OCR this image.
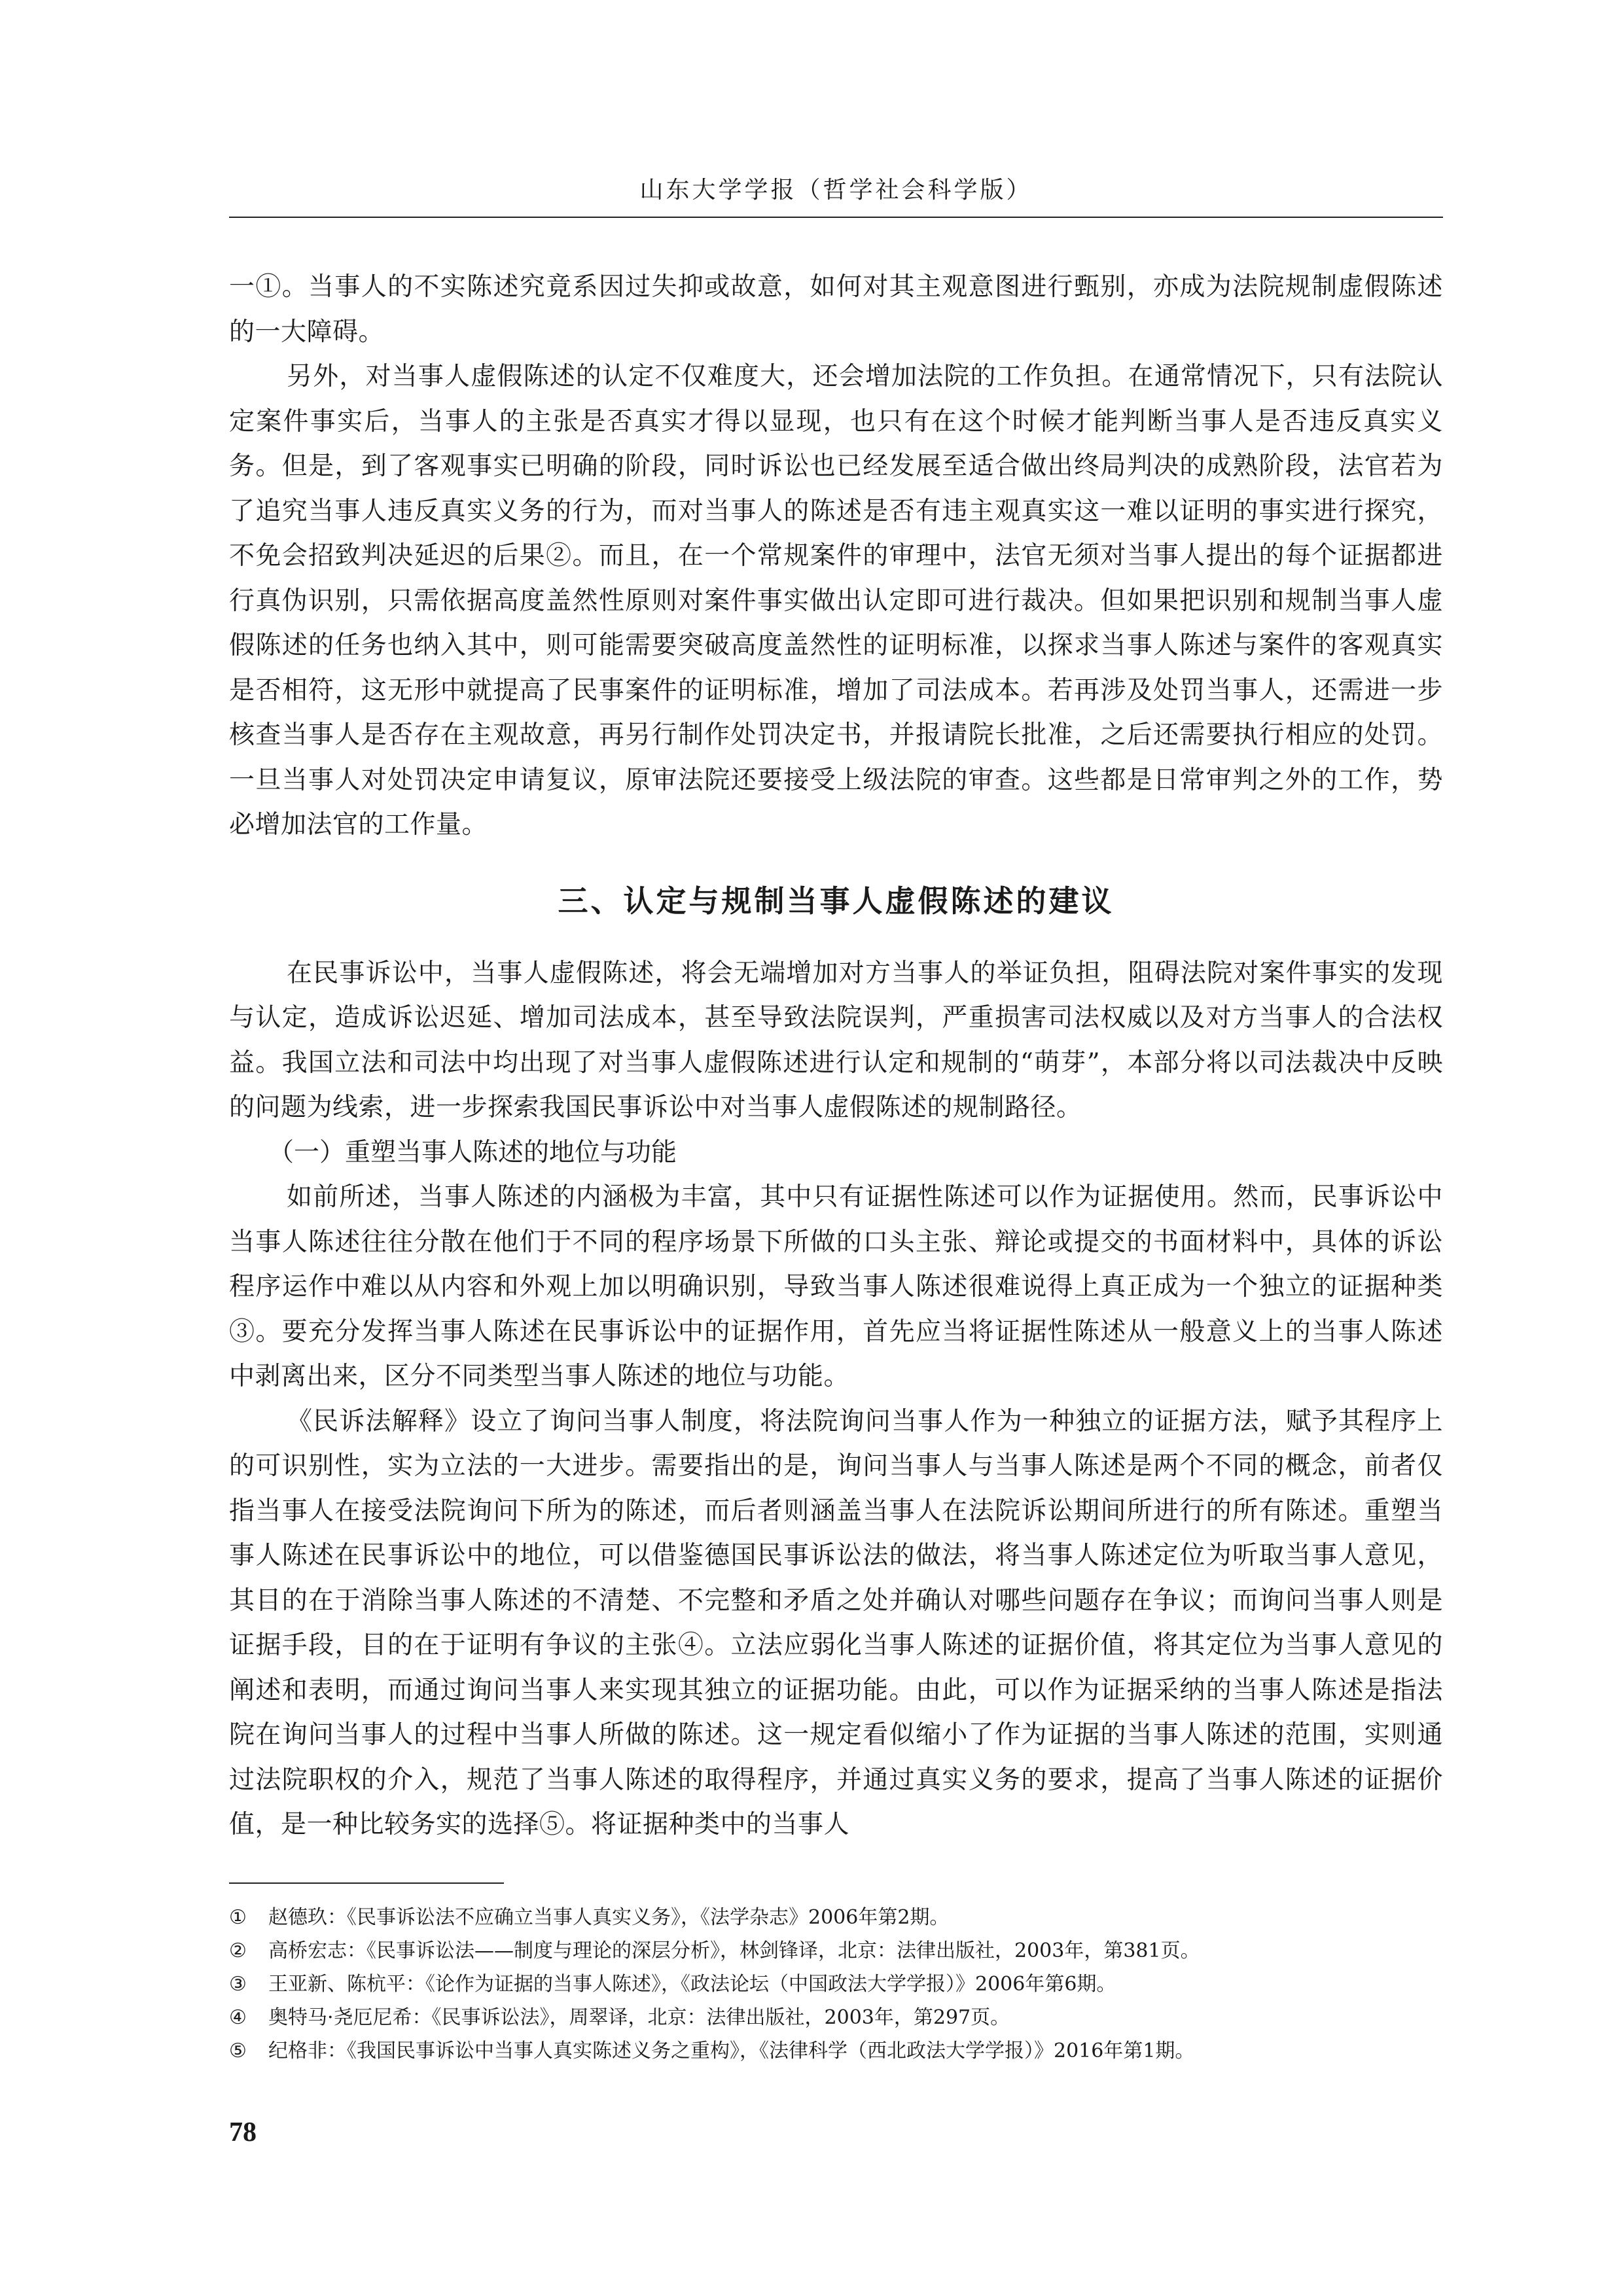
山东大学学报（哲学社会科学版）

一①。当事人的不实陈述究竟系因过失抑或故意，如何对其主观意图进行甄别，亦成为法院规制虚假陈述的一大障碍。

另外，对当事人虚假陈述的认定不仅难度大，还会增加法院的工作负担。在通常情况下，只有法院认定案件事实后，当事人的主张是否真实才得以显现，也只有在这个时候才能判断当事人是否违反真实义务。但是，到了客观事实已明确的阶段，同时诉讼也已经发展至适合做出终局判决的成熟阶段，法官若为了追究当事人违反真实义务的行为，而对当事人的陈述是否有违主观真实这一难以证明的事实进行探究，不免会招致判决延迟的后果②。而且，在一个常规案件的审理中，法官无须对当事人提出的每个证据都进行真伪识别，只需依据高度盖然性原则对案件事实做出认定即可进行裁决。但如果把识别和规制当事人虚假陈述的任务也纳入其中，则可能需要突破高度盖然性的证明标准，以探求当事人陈述与案件的客观真实是否相符，这无形中就提高了民事案件的证明标准，增加了司法成本。若再涉及处罚当事人，还需进一步核查当事人是否存在主观故意，再另行制作处罚决定书，并报请院长批准，之后还需要执行相应的处罚。一旦当事人对处罚决定申请复议，原审法院还要接受上级法院的审查。这些都是日常审判之外的工作，势必增加法官的工作量。

三、认定与规制当事人虚假陈述的建议

在民事诉讼中，当事人虚假陈述，将会无端增加对方当事人的举证负担，阻碍法院对案件事实的发现与认定，造成诉讼迟延、增加司法成本，甚至导致法院误判，严重损害司法权威以及对方当事人的合法权益。我国立法和司法中均出现了对当事人虚假陈述进行认定和规制的“萌芽”，本部分将以司法裁决中反映的问题为线索，进一步探索我国民事诉讼中对当事人虚假陈述的规制路径。

（一）重塑当事人陈述的地位与功能

如前所述，当事人陈述的内涵极为丰富，其中只有证据性陈述可以作为证据使用。然而，民事诉讼中当事人陈述往往分散在他们于不同的程序场景下所做的口头主张、辩论或提交的书面材料中，具体的诉讼程序运作中难以从内容和外观上加以明确识别，导致当事人陈述很难说得上真正成为一个独立的证据种类③。要充分发挥当事人陈述在民事诉讼中的证据作用，首先应当将证据性陈述从一般意义上的当事人陈述中剥离出来，区分不同类型当事人陈述的地位与功能。

《民诉法解释》设立了询问当事人制度，将法院询问当事人作为一种独立的证据方法，赋予其程序上的可识别性，实为立法的一大进步。需要指出的是，询问当事人与当事人陈述是两个不同的概念，前者仅指当事人在接受法院询问下所为的陈述，而后者则涵盖当事人在法院诉讼期间所进行的所有陈述。重塑当事人陈述在民事诉讼中的地位，可以借鉴德国民事诉讼法的做法，将当事人陈述定位为听取当事人意见，其目的在于消除当事人陈述的不清楚、不完整和矛盾之处并确认对哪些问题存在争议；而询问当事人则是证据手段，目的在于证明有争议的主张④。立法应弱化当事人陈述的证据价值，将其定位为当事人意见的阐述和表明，而通过询问当事人来实现其独立的证据功能。由此，可以作为证据采纳的当事人陈述是指法院在询问当事人的过程中当事人所做的陈述。这一规定看似缩小了作为证据的当事人陈述的范围，实则通过法院职权的介入，规范了当事人陈述的取得程序，并通过真实义务的要求，提高了当事人陈述的证据价值，是一种比较务实的选择⑤。将证据种类中的当事人

①	赵德玖：《民事诉讼法不应确立当事人真实义务》，《法学杂志》2006年第2期。
②	高桥宏志：《民事诉讼法——制度与理论的深层分析》，林剑锋译，北京：法律出版社，2003年，第381页。
③	王亚新、陈杭平：《论作为证据的当事人陈述》，《政法论坛（中国政法大学学报）》2006年第6期。
④	奥特马·尧厄尼希：《民事诉讼法》，周翠译，北京：法律出版社，2003年，第297页。
⑤	纪格非：《我国民事诉讼中当事人真实陈述义务之重构》，《法律科学（西北政法大学学报）》2016年第1期。
78
